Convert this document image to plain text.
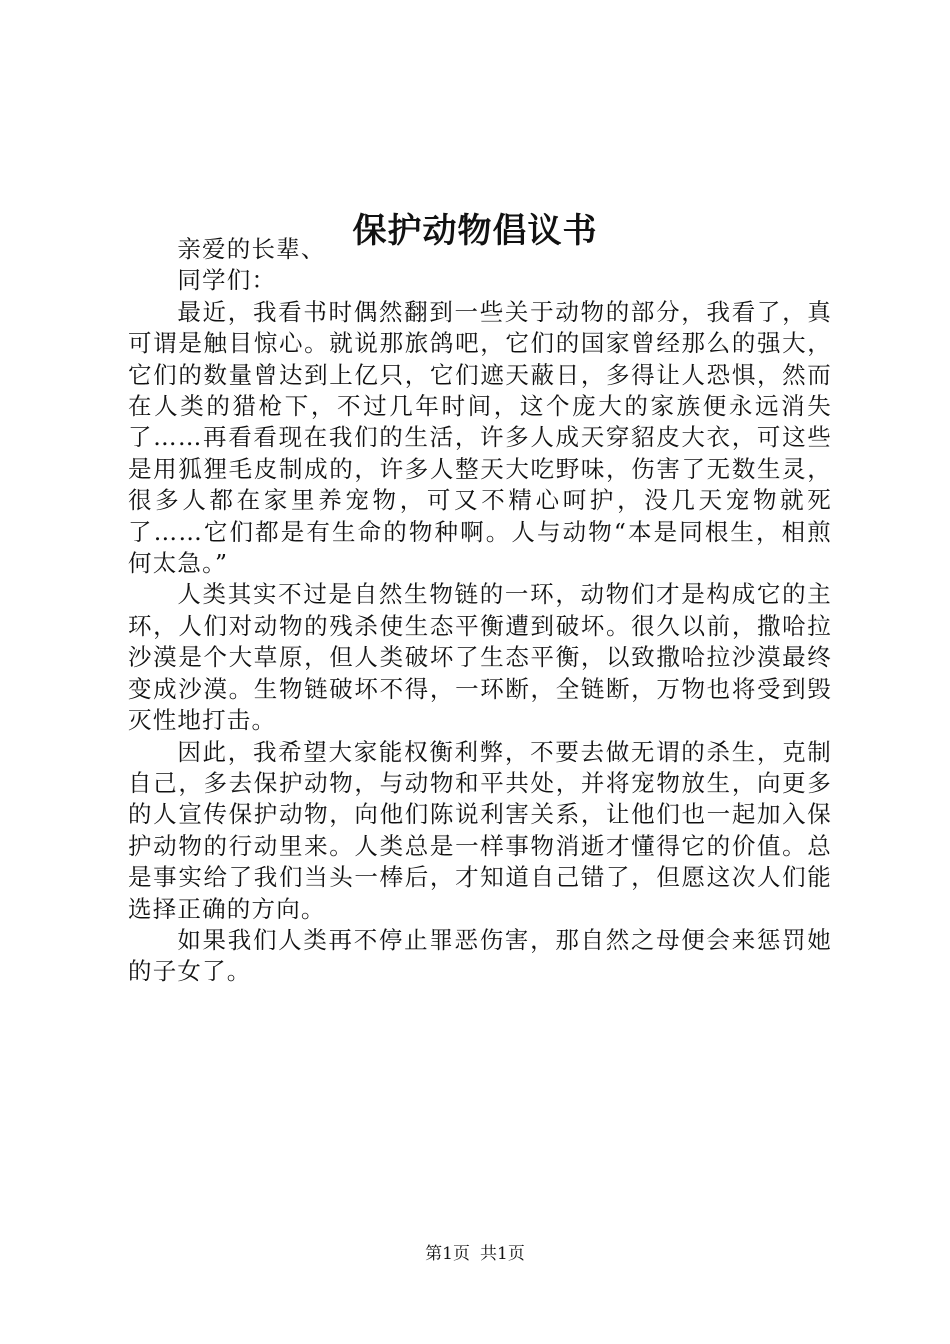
保护动物倡议书

亲爱的长辈、

同学们：

最近，我看书时偶然翻到一些关于动物的部分，我看了，真可谓是触目惊心。就说那旅鸽吧，它们的国家曾经那么的强大，它们的数量曾达到上亿只，它们遮天蔽日，多得让人恐惧，然而在人类的猎枪下，不过几年时间，这个庞大的家族便永远消失了……再看看现在我们的生活，许多人成天穿貂皮大衣，可这些是用狐狸毛皮制成的，许多人整天大吃野味，伤害了无数生灵，很多人都在家里养宠物，可又不精心呵护，没几天宠物就死了……它们都是有生命的物种啊。人与动物“本是同根生，相煎何太急。”

人类其实不过是自然生物链的一环，动物们才是构成它的主环，人们对动物的残杀使生态平衡遭到破坏。很久以前，撒哈拉沙漠是个大草原，但人类破坏了生态平衡，以致撒哈拉沙漠最终变成沙漠。生物链破坏不得，一环断，全链断，万物也将受到毁灭性地打击。

因此，我希望大家能权衡利弊，不要去做无谓的杀生，克制自己，多去保护动物，与动物和平共处，并将宠物放生，向更多的人宣传保护动物，向他们陈说利害关系，让他们也一起加入保护动物的行动里来。人类总是一样事物消逝才懂得它的价值。总是事实给了我们当头一棒后，才知道自己错了，但愿这次人们能选择正确的方向。

如果我们人类再不停止罪恶伤害，那自然之母便会来惩罚她的子女了。

第1页 共1页
